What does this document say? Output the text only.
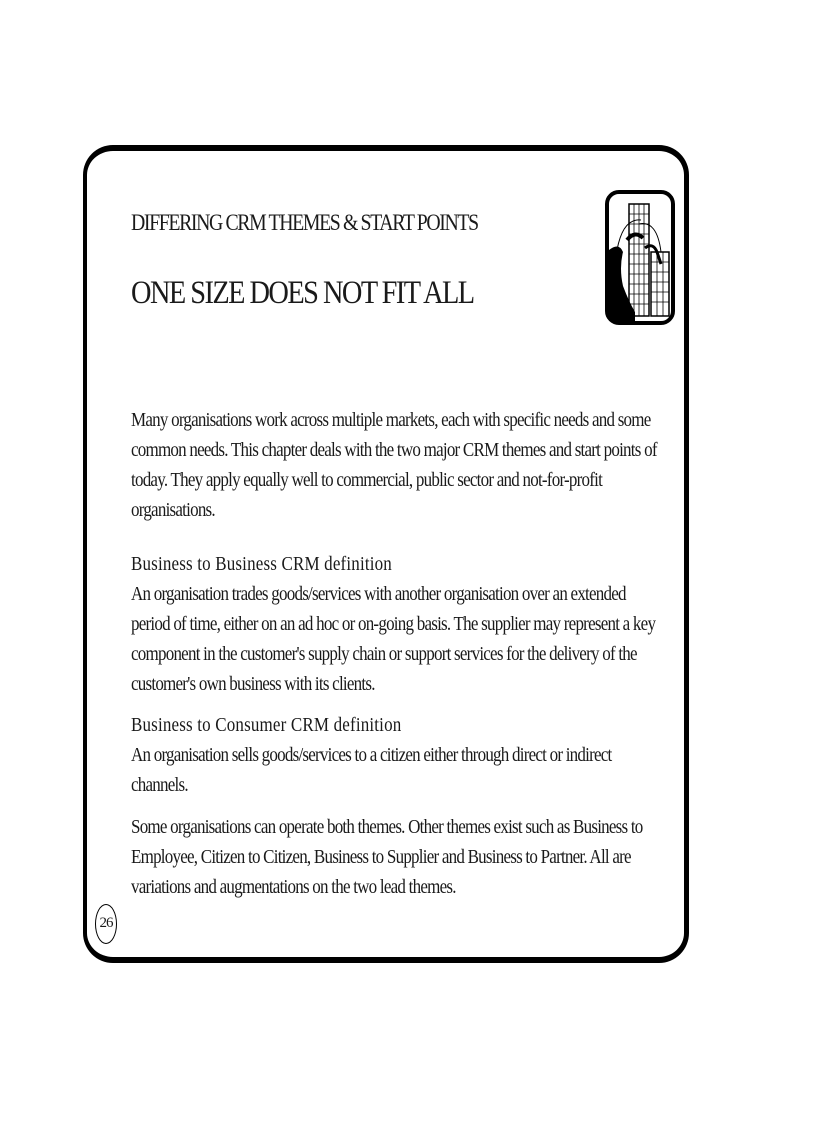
DIFFERING CRM THEMES & START POINTS
ONE SIZE DOES NOT FIT ALL

Many organisations work across multiple markets, each with specific needs and some common needs. This chapter deals with the two major CRM themes and start points of today. They apply equally well to commercial, public sector and not-for-profit organisations.

Business to Business CRM definition

An organisation trades goods/services with another organisation over an extended period of time, either on an ad hoc or on-going basis. The supplier may represent a key component in the customer's supply chain or support services for the delivery of the customer's own business with its clients.

Business to Consumer CRM definition

An organisation sells goods/services to a citizen either through direct or indirect channels.

Some organisations can operate both themes. Other themes exist such as Business to Employee, Citizen to Citizen, Business to Supplier and Business to Partner. All are variations and augmentations on the two lead themes.

26
